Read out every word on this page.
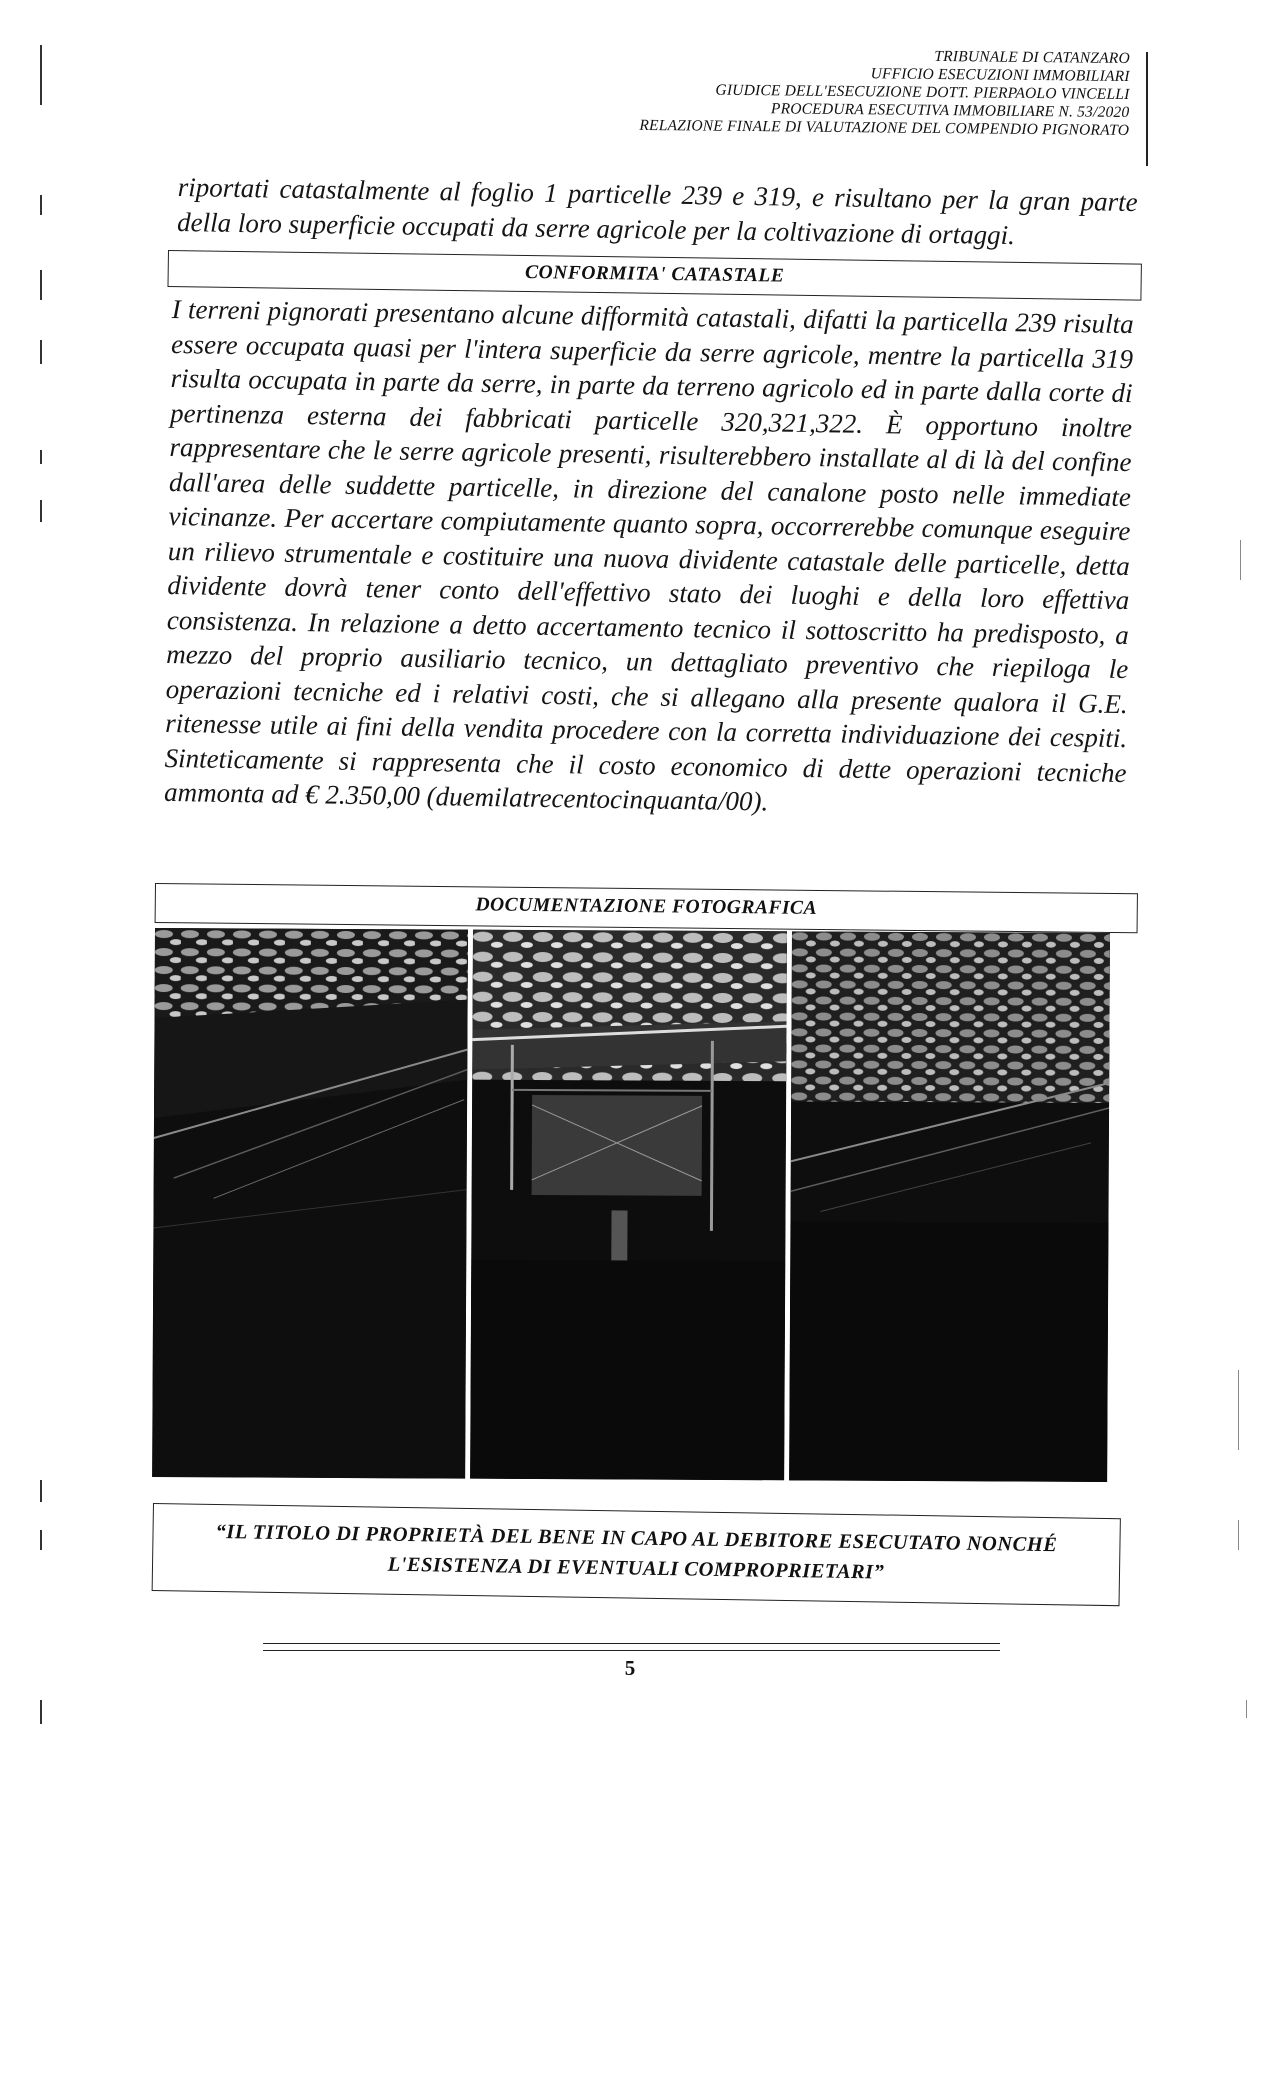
TRIBUNALE DI CATANZARO
UFFICIO ESECUZIONI IMMOBILIARI
GIUDICE DELL'ESECUZIONE DOTT. PIERPAOLO VINCELLI
PROCEDURA ESECUTIVA IMMOBILIARE N. 53/2020
RELAZIONE FINALE DI VALUTAZIONE DEL COMPENDIO PIGNORATO
riportati catastalmente al foglio 1 particelle 239 e 319, e risultano per la gran parte della loro superficie occupati da serre agricole per la coltivazione di ortaggi.
CONFORMITA' CATASTALE
I terreni pignorati presentano alcune difformità catastali, difatti la particella 239 risulta essere occupata quasi per l'intera superficie da serre agricole, mentre la particella 319 risulta occupata in parte da serre, in parte da terreno agricolo ed in parte dalla corte di pertinenza esterna dei fabbricati particelle 320,321,322. È opportuno inoltre rappresentare che le serre agricole presenti, risulterebbero installate al di là del confine dall'area delle suddette particelle, in direzione del canalone posto nelle immediate vicinanze. Per accertare compiutamente quanto sopra, occorrerebbe comunque eseguire un rilievo strumentale e costituire una nuova dividente catastale delle particelle, detta dividente dovrà tener conto dell'effettivo stato dei luoghi e della loro effettiva consistenza. In relazione a detto accertamento tecnico il sottoscritto ha predisposto, a mezzo del proprio ausiliario tecnico, un dettagliato preventivo che riepiloga le operazioni tecniche ed i relativi costi, che si allegano alla presente qualora il G.E. ritenesse utile ai fini della vendita procedere con la corretta individuazione dei cespiti. Sinteticamente si rappresenta che il costo economico di dette operazioni tecniche ammonta ad € 2.350,00 (duemilatrecentocinquanta/00).
DOCUMENTAZIONE FOTOGRAFICA
“IL TITOLO DI PROPRIETÀ DEL BENE IN CAPO AL DEBITORE ESECUTATO NONCHÉ
L'ESISTENZA DI EVENTUALI COMPROPRIETARI”
5
